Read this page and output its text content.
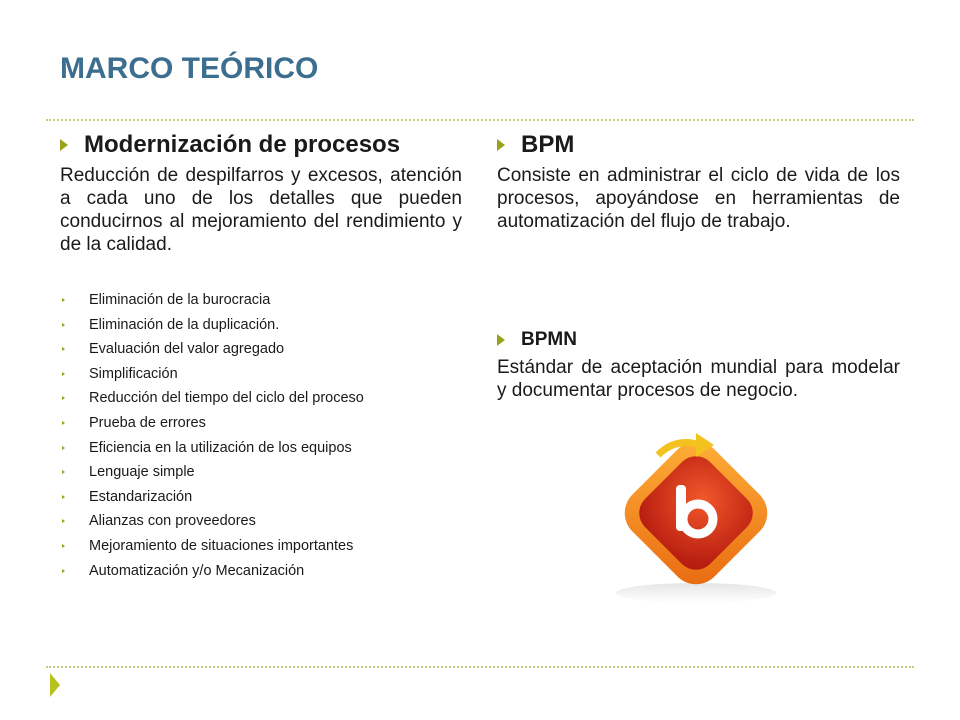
MARCO TEÓRICO
Modernización de procesos
Reducción de despilfarros y excesos, atención a cada uno de los detalles que pueden conducirnos al mejoramiento del rendimiento y de la calidad.
Eliminación de la burocracia
Eliminación de la duplicación.
Evaluación del valor agregado
Simplificación
Reducción del tiempo del ciclo del proceso
Prueba de errores
Eficiencia en la utilización de los equipos
Lenguaje simple
Estandarización
Alianzas con proveedores
Mejoramiento de situaciones importantes
Automatización y/o Mecanización
BPM
Consiste en administrar el ciclo de vida de los procesos, apoyándose en herramientas de automatización del flujo de trabajo.
BPMN
Estándar de aceptación mundial para modelar y documentar procesos de negocio.
